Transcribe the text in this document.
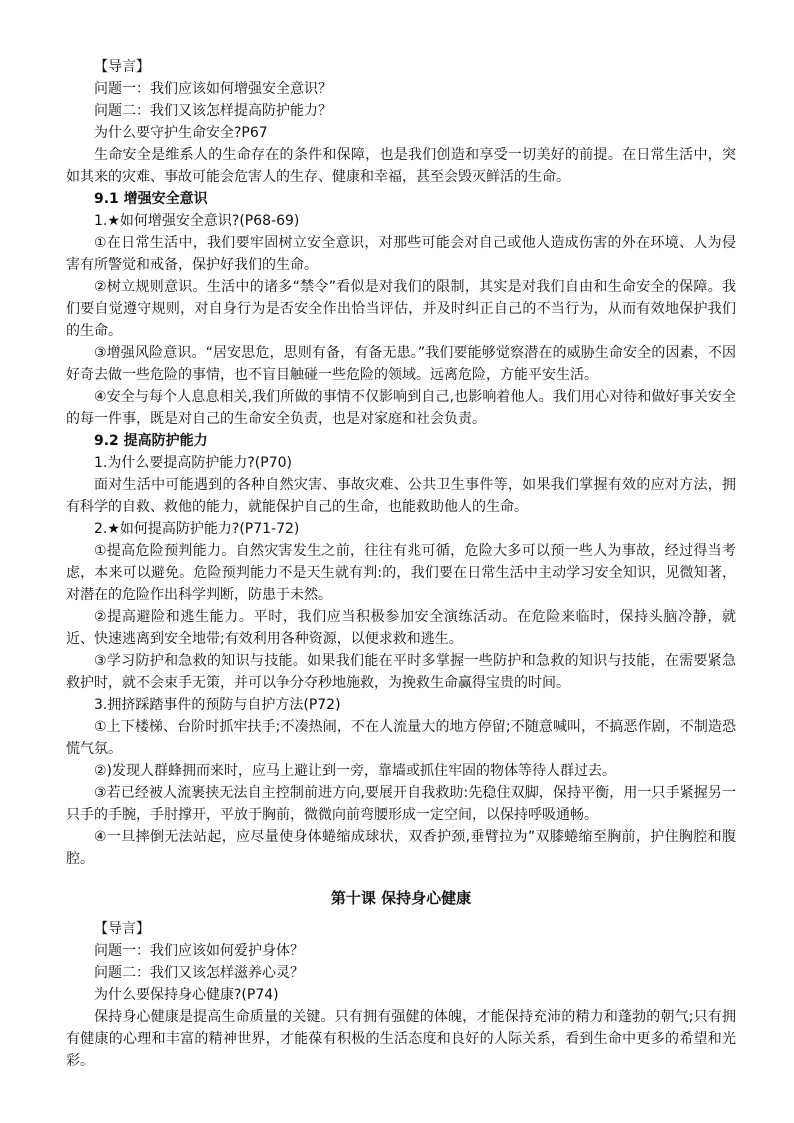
【导言】

问题一：我们应该如何增强安全意识？

问题二：我们又该怎样提高防护能力？

为什么要守护生命安全?P67

生命安全是维系人的生命存在的条件和保障，也是我们创造和享受一切美好的前提。在日常生活中，突如其来的灾难、事故可能会危害人的生存、健康和幸福，甚至会毁灭鲜活的生命。

9.1 增强安全意识

1.★如何增强安全意识?(P68-69)

①在日常生活中，我们要牢固树立安全意识，对那些可能会对自己或他人造成伤害的外在环境、人为侵害有所警觉和戒备，保护好我们的生命。

②树立规则意识。生活中的诸多“禁令”看似是对我们的限制，其实是对我们自由和生命安全的保障。我们要自觉遵守规则，对自身行为是否安全作出恰当评估，并及时纠正自己的不当行为，从而有效地保护我们的生命。

③增强风险意识。“居安思危，思则有备，有备无患。”我们要能够觉察潜在的威胁生命安全的因素，不因好奇去做一些危险的事情，也不盲目触碰一些危险的领域。远离危险，方能平安生活。

④安全与每个人息息相关,我们所做的事情不仅影响到自己,也影响着他人。我们用心对待和做好事关安全的每一件事，既是对自己的生命安全负责，也是对家庭和社会负责。

9.2 提高防护能力

1.为什么要提高防护能力?(P70)

面对生活中可能遇到的各种自然灾害、事故灾难、公共卫生事件等，如果我们掌握有效的应对方法，拥有科学的自救、救他的能力，就能保护自己的生命，也能救助他人的生命。

2.★如何提高防护能力?(P71-72)

①提高危险预判能力。自然灾害发生之前，往往有兆可循，危险大多可以预一些人为事故，经过得当考虑，本来可以避免。危险预判能力不是天生就有判:的，我们要在日常生活中主动学习安全知识，见微知著，对潜在的危险作出科学判断，防患于未然。

②提高避险和逃生能力。平时，我们应当积极参加安全演练活动。在危险来临时，保持头脑冷静，就近、快速逃离到安全地带;有效利用各种资源，以便求救和逃生。

③学习防护和急救的知识与技能。如果我们能在平时多掌握一些防护和急救的知识与技能，在需要紧急救护时，就不会束手无策，并可以争分夺秒地施救，为挽救生命赢得宝贵的时间。

3.拥挤踩踏事件的预防与自护方法(P72)

①上下楼梯、台阶时抓牢扶手;不凑热闹，不在人流量大的地方停留;不随意喊叫，不搞恶作剧，不制造恐慌气氛。

②)发现人群蜂拥而来时，应马上避让到一旁，靠墙或抓住牢固的物体等待人群过去。

③若已经被人流裹挟无法自主控制前进方向,要展开自我救助:先稳住双脚，保持平衡，用一只手紧握另一只手的手腕，手肘撑开，平放于胸前，微微向前弯腰形成一定空间，以保持呼吸通畅。

④一旦摔倒无法站起，应尽量使身体蜷缩成球状，双香护颈,垂臂拉为”双膝蜷缩至胸前，护住胸腔和腹腔。

第十课 保持身心健康

【导言】

问题一：我们应该如何爱护身体？

问题二：我们又该怎样滋养心灵？

为什么要保持身心健康?(P74)

保持身心健康是提高生命质量的关键。只有拥有强健的体魄，才能保持充沛的精力和蓬勃的朝气;只有拥有健康的心理和丰富的精神世界，才能葆有积极的生活态度和良好的人际关系，看到生命中更多的希望和光彩。
